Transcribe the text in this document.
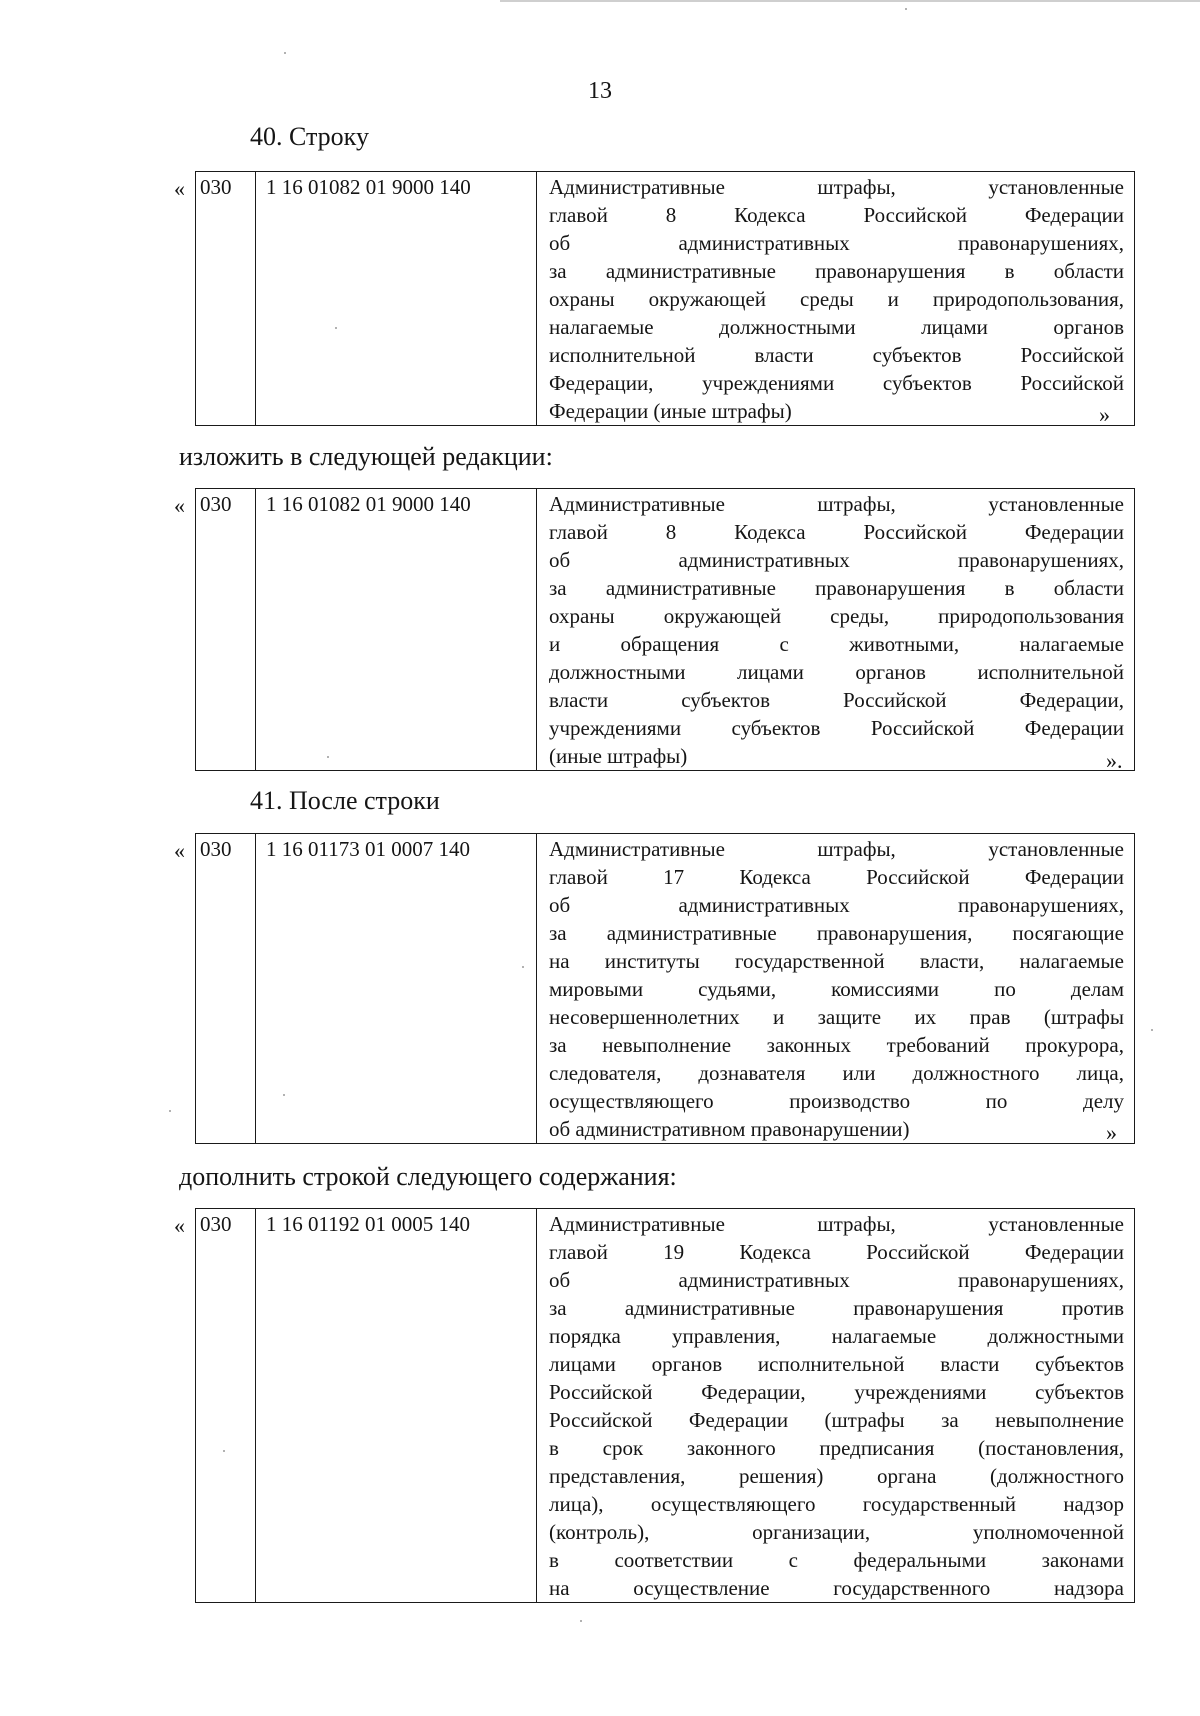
13
40. Строку
« 030	1 16 01082 01 9000 140	Административные штрафы, установленные
главой 8 Кодекса Российской Федерации
об административных правонарушениях,
за административные правонарушения в области
охраны окружающей среды и природопользования,
налагаемые должностными лицами органов
исполнительной власти субъектов Российской
Федерации, учреждениями субъектов Российской
Федерации (иные штрафы)	»
изложить в следующей редакции:
« 030	1 16 01082 01 9000 140	Административные штрафы, установленные
главой 8 Кодекса Российской Федерации
об административных правонарушениях,
за административные правонарушения в области
охраны окружающей среды, природопользования
и обращения с животными, налагаемые
должностными лицами органов исполнительной
власти субъектов Российской Федерации,
учреждениями субъектов Российской Федерации
(иные штрафы)	».
41. После строки
« 030	1 16 01173 01 0007 140	Административные штрафы, установленные
главой 17 Кодекса Российской Федерации
об административных правонарушениях,
за административные правонарушения, посягающие
на институты государственной власти, налагаемые
мировыми судьями, комиссиями по делам
несовершеннолетних и защите их прав (штрафы
за невыполнение законных требований прокурора,
следователя, дознавателя или должностного лица,
осуществляющего производство по делу
об административном правонарушении)	»
дополнить строкой следующего содержания:
« 030	1 16 01192 01 0005 140	Административные штрафы, установленные
главой 19 Кодекса Российской Федерации
об административных правонарушениях,
за административные правонарушения против
порядка управления, налагаемые должностными
лицами органов исполнительной власти субъектов
Российской Федерации, учреждениями субъектов
Российской Федерации (штрафы за невыполнение
в срок законного предписания (постановления,
представления, решения) органа (должностного
лица), осуществляющего государственный надзор
(контроль), организации, уполномоченной
в соответствии с федеральными законами
на осуществление государственного надзора
